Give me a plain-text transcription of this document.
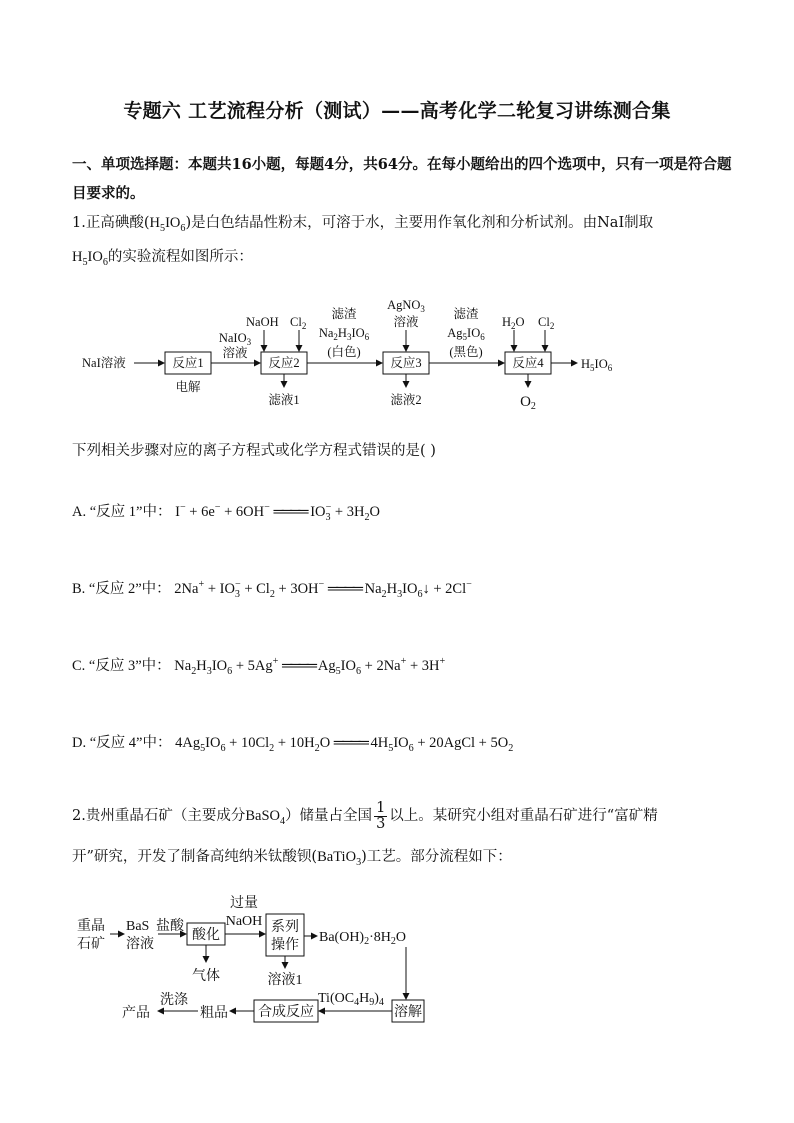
专题六 工艺流程分析（测试）——高考化学二轮复习讲练测合集
一、单项选择题：本题共16小题，每题4分，共64分。在每小题给出的四个选项中，只有一项是符合题目要求的。
1.正高碘酸$(H_5IO_6)$是白色结晶性粉末，可溶于水，主要用作氧化剂和分析试剂。由NaI制取
$H_5IO_6$的实验流程如图所示：
NaI溶液	反应1
电解
NaIO$_3$
溶液
反应2
NaOH $Cl_2$
滤液1
滤渣
$Na_2H_3IO_6$
(白色)
反应3
AgNO$_3$
溶液
滤液2
滤渣
$Ag_5IO_6$
(黑色)
反应4
$H_2O$ $Cl_2$
$O_2$
$H_5IO_6$
下列相关步骤对应的离子方程式或化学方程式错误的是( )
A. “反应 1”中： I− + 6e− + 6OH− ════ $IO_3^- + 3H_2O$
B. “反应 2”中： $2Na^+ + IO_3^- + Cl_2 + 3OH^-$ ════ $Na_2H_3IO_6↓ + 2Cl^-$
C. “反应 3”中： $Na_2H_3IO_6 + 5Ag^+$ ════ $Ag_5IO_6 + 2Na^+ + 3H^+$
D. “反应 4”中： $4Ag_5IO_6 + 10Cl_2 + 10H_2O$ ════ $4H_5IO_6$ + 20AgCl + $5O_2$
2.贵州重晶石矿（主要成分BaSO$_4$）储量占全国 $\frac{1}{3}$ 以上。某研究小组对重晶石矿进行“富矿精
开”研究，开发了制备高纯纳米钛酸钡(BaTiO$_3$)工艺。部分流程如下：
重晶
石矿
BaS
溶液
盐酸
酸化
气体
过量
NaOH 系列
操作
溶液1
$Ba(OH)_2\cdot 8H_2O$
溶解
$Ti(OC_4H_9)_4$
合成反应
粗品
洗涤
产品
